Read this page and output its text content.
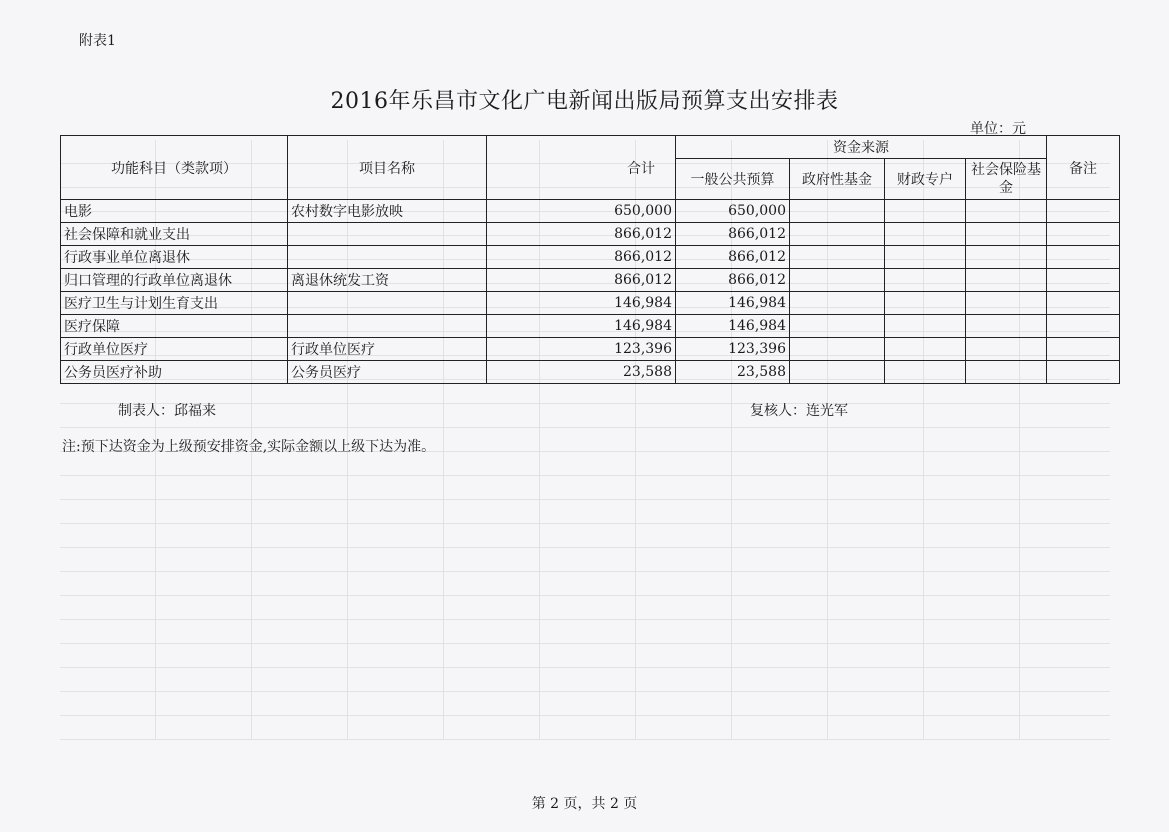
附表1
2016年乐昌市文化广电新闻出版局预算支出安排表
单位：元
功能科目（类款项）	项目名称	合计	资金来源				备注
			一般公共预算	政府性基金	财政专户	社会保险基金	
电影	农村数字电影放映	650,000	650,000				
社会保障和就业支出		866,012	866,012				
行政事业单位离退休		866,012	866,012				
归口管理的行政单位离退休	离退休统发工资	866,012	866,012				
医疗卫生与计划生育支出		146,984	146,984				
医疗保障		146,984	146,984				
行政单位医疗	行政单位医疗	123,396	123,396				
公务员医疗补助	公务员医疗	23,588	23,588				
制表人：邱福来	复核人：连光军
注:预下达资金为上级预安排资金,实际金额以上级下达为准。
第 2 页，共 2 页
